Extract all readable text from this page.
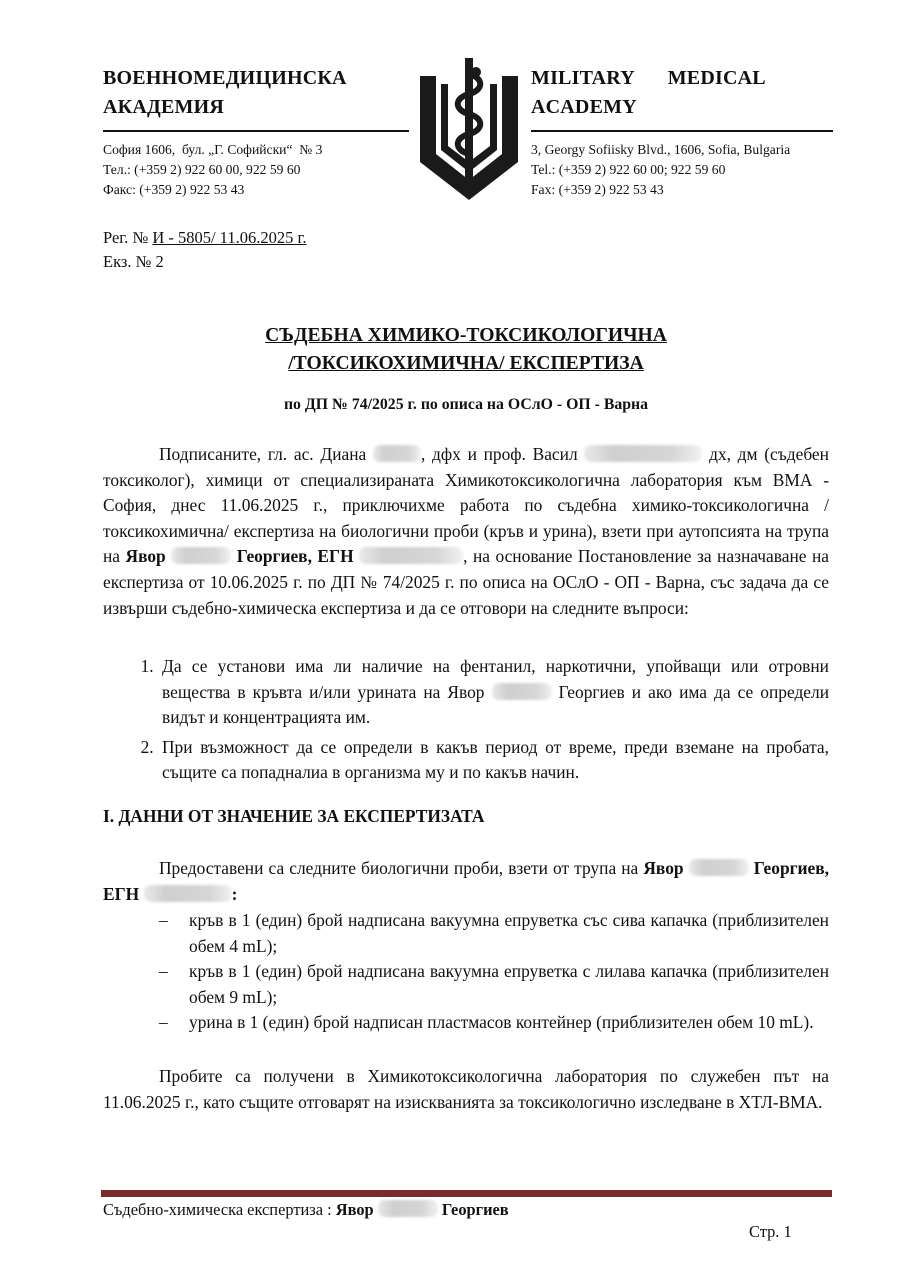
ВОЕННОМЕДИЦИНСКА
АКАДЕМИЯ
MILITARY   MEDICAL
ACADEMY
София 1606,  бул. „Г. Софийски“  № 3
Тел.: (+359 2) 922 60 00, 922 59 60
Факс: (+359 2) 922 53 43
3, Georgy Sofiisky Blvd., 1606, Sofia, Bulgaria
Tel.: (+359 2) 922 60 00; 922 59 60
Fax: (+359 2) 922 53 43
Рег. № И - 5805/ 11.06.2025 г.
Екз. № 2
СЪДЕБНА ХИМИКО-ТОКСИКОЛОГИЧНА
/ТОКСИКОХИМИЧНА/ ЕКСПЕРТИЗА
по ДП № 74/2025 г. по описа на ОСлО - ОП - Варна
Подписаните, гл. ас. Диана	, дфх и проф. Васил	дх, дм (съдебен токсиколог), химици от специализираната Химикотоксикологична лаборатория към ВМА - София, днес 11.06.2025 г., приключихме работа по съдебна химико-токсикологична /токсикохимична/ експертиза на биологични проби (кръв и урина), взети при аутопсията на трупа на Явор	Георгиев, ЕГН	, на основание Постановление за назначаване на експертиза от 10.06.2025 г. по ДП № 74/2025 г. по описа на ОСлО - ОП - Варна, със задача да се извърши съдебно-химическа експертиза и да се отговори на следните въпроси:
1. Да се установи има ли наличие на фентанил, наркотични, упойващи или отровни вещества в кръвта и/или урината на Явор	Георгиев и ако има да се определи видът и концентрацията им.
2. При възможност да се определи в какъв период от време, преди вземане на пробата, същите са попадналиа в организма му и по какъв начин.
I. ДАННИ ОТ ЗНАЧЕНИЕ ЗА ЕКСПЕРТИЗАТА
Предоставени са следните биологични проби, взети от трупа на Явор	Георгиев, ЕГН	:
– кръв в 1 (един) брой надписана вакуумна епруветка със сива капачка (приблизителен обем 4 mL);
– кръв в 1 (един) брой надписана вакуумна епруветка с лилава капачка (приблизителен обем 9 mL);
– урина в 1 (един) брой надписан пластмасов контейнер (приблизителен обем 10 mL).
Пробите са получени в Химикотоксикологична лаборатория по служебен път на 11.06.2025 г., като същите отговарят на изискванията за токсикологично изследване в ХТЛ-ВМА.
Съдебно-химическа експертиза : Явор	Георгиев
Стр. 1
